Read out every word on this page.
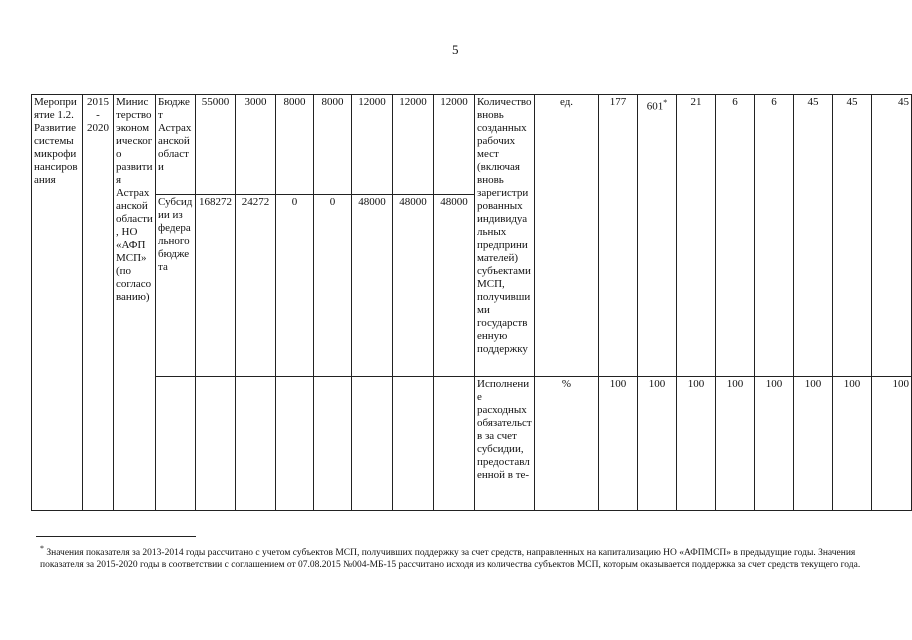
5
Мероприятие 1.2. Развитие системы микрофинансирования	2015 - 2020	Министерство экономического развития Астраханской области, НО «АФПМСП» (по согласованию)	Бюджет Астраханской области	55000	3000	8000	8000	12000	12000	12000	Количество вновь созданных рабочих мест (включая вновь зарегистрированных индивидуальных предпринимателей) субъектами МСП, получившими государственную поддержку	ед.	177	601*	21	6	6	45	45	45
			Субсидии из федерального бюджета	168272	24272	0	0	48000	48000	48000										
											Исполнение расходных обязательств за счет субсидии, предоставленной в те-	%	100	100	100	100	100	100	100	100
* Значения показателя за 2013-2014 годы рассчитано с учетом субъектов МСП, получивших поддержку за счет средств, направленных на капитализацию НО «АФПМСП» в предыдущие годы. Значения показателя за 2015-2020 годы в соответствии с соглашением от 07.08.2015 №004-МБ-15 рассчитано исходя из количества субъектов МСП, которым оказывается поддержка за счет средств текущего года.
